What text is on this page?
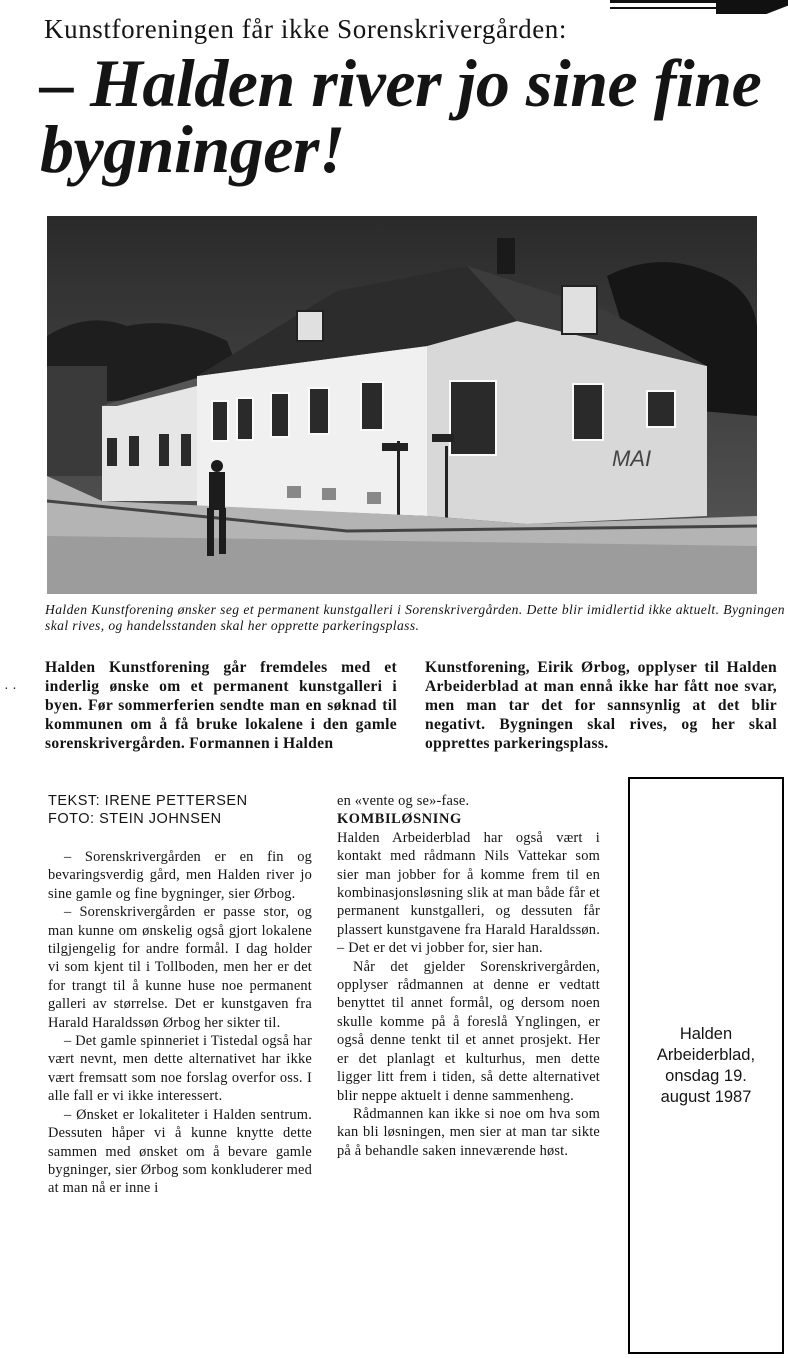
Kunstforeningen får ikke Sorenskrivergården:
– Halden river jo sine fine bygninger!
MAI

Halden Kunstforening ønsker seg et permanent kunstgalleri i Sorenskrivergården. Dette blir imidlertid ikke aktuelt. Bygningen skal rives, og handelsstanden skal her opprette parkeringsplass.

· ·

Halden Kunstforening går fremdeles med et inderlig ønske om et permanent kunstgalleri i byen. Før sommerferien sendte man en søknad til kommunen om å få bruke lokalene i den gamle sorenskrivergården. Formannen i Halden

Kunstforening, Eirik Ørbog, opplyser til Halden Arbeiderblad at man ennå ikke har fått noe svar, men man tar det for sannsynlig at det blir negativt. Bygningen skal rives, og her skal opprettes parkeringsplass.

TEKST: IRENE PETTERSEN
FOTO: STEIN JOHNSEN

– Sorenskrivergården er en fin og bevaringsverdig gård, men Halden river jo sine gamle og fine bygninger, sier Ørbog.

– Sorenskrivergården er passe stor, og man kunne om ønskelig også gjort lokalene tilgjengelig for andre formål. I dag holder vi som kjent til i Tollboden, men her er det for trangt til å kunne huse noe permanent galleri av størrelse. Det er kunstgaven fra Harald Haraldssøn Ørbog her sikter til.

– Det gamle spinneriet i Tistedal også har vært nevnt, men dette alternativet har ikke vært fremsatt som noe forslag overfor oss. I alle fall er vi ikke interessert.

– Ønsket er lokaliteter i Halden sentrum. Dessuten håper vi å kunne knytte dette sammen med ønsket om å bevare gamle bygninger, sier Ørbog som konkluderer med at man nå er inne i

en «vente og se»-fase.

KOMBILØSNING

Halden Arbeiderblad har også vært i kontakt med rådmann Nils Vattekar som sier man jobber for å komme frem til en kombinasjonsløsning slik at man både får et permanent kunstgalleri, og dessuten får plassert kunstgavene fra Harald Haraldssøn. – Det er det vi jobber for, sier han.

Når det gjelder Sorenskrivergården, opplyser rådmannen at denne er vedtatt benyttet til annet formål, og dersom noen skulle komme på å foreslå Ynglingen, er også denne tenkt til et annet prosjekt. Her er det planlagt et kulturhus, men dette ligger litt frem i tiden, så dette alternativet blir neppe aktuelt i denne sammenheng.

Rådmannen kan ikke si noe om hva som kan bli løsningen, men sier at man tar sikte på å behandle saken inneværende høst.

Halden
Arbeiderblad,
onsdag 19.
august 1987
